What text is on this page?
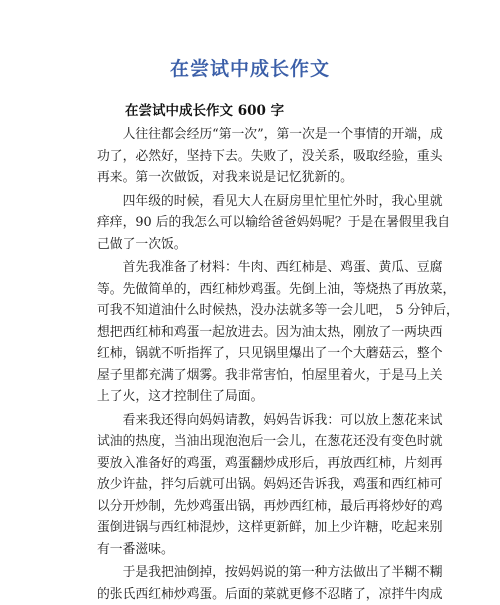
在尝试中成长作文
在尝试中成长作文 600 字
　　人往往都会经历“第一次”，第一次是一个事情的开端，成
功了，必然好，坚持下去。失败了，没关系，吸取经验，重头
再来。第一次做饭，对我来说是记忆犹新的。
　　四年级的时候，看见大人在厨房里忙里忙外时，我心里就
痒痒，90 后的我怎么可以输给爸爸妈妈呢？于是在暑假里我自
己做了一次饭。
　　首先我准备了材料：牛肉、西红柿是、鸡蛋、黄瓜、豆腐
等。先做简单的，西红柿炒鸡蛋。先倒上油，等烧热了再放菜，
可我不知道油什么时候热，没办法就多等一会儿吧， 5 分钟后，
想把西红柿和鸡蛋一起放进去。因为油太热，刚放了一两块西
红柿，锅就不听指挥了，只见锅里爆出了一个大蘑菇云，整个
屋子里都充满了烟雾。我非常害怕，怕屋里着火，于是马上关
上了火，这才控制住了局面。
　　看来我还得向妈妈请教，妈妈告诉我：可以放上葱花来试
试油的热度，当油出现泡泡后一会儿，在葱花还没有变色时就
要放入准备好的鸡蛋，鸡蛋翻炒成形后，再放西红柿，片刻再
放少许盐，拌匀后就可出锅。妈妈还告诉我，鸡蛋和西红柿可
以分开炒制，先炒鸡蛋出锅，再炒西红柿，最后再将炒好的鸡
蛋倒进锅与西红柿混炒，这样更新鲜，加上少许糖，吃起来别
有一番滋味。
　　于是我把油倒掉，按妈妈说的第一种方法做出了半糊不糊
的张氏西红柿炒鸡蛋。后面的菜就更修不忍睹了，凉拌牛肉成
